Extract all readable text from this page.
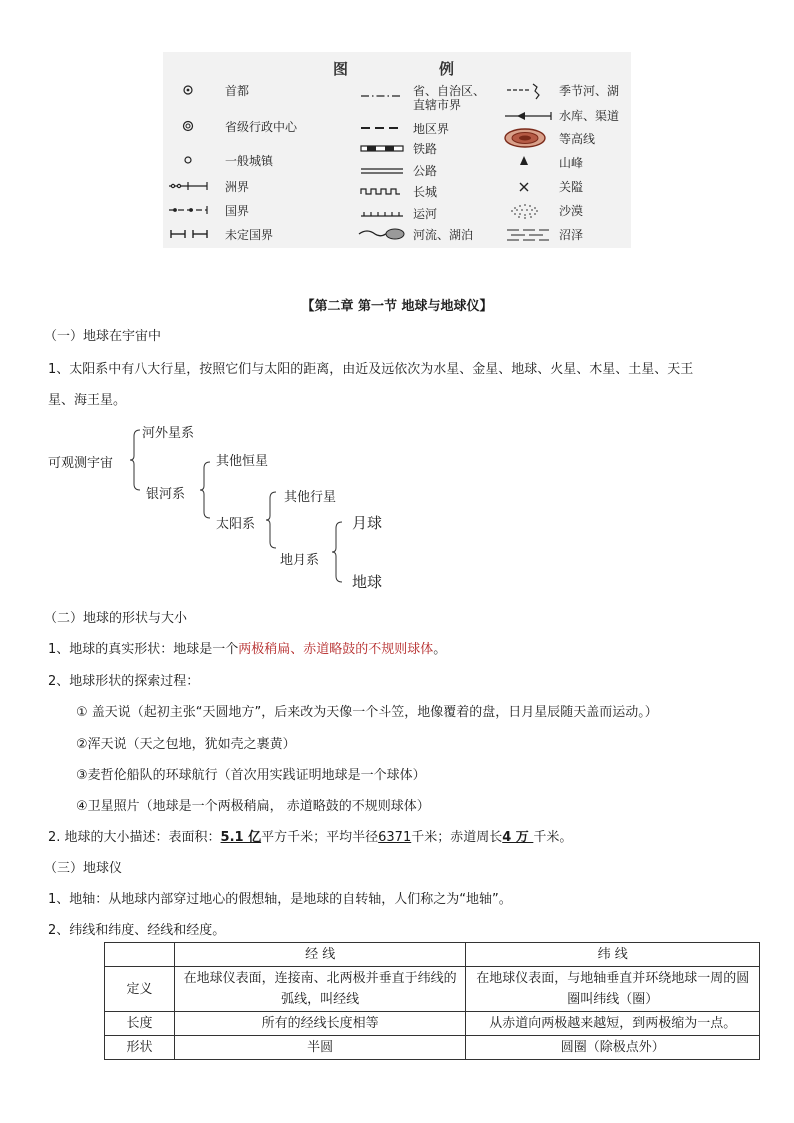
图	例
首都
省级行政中心
一般城镇
洲界
国界
未定国界
省、自治区、直辖市界
地区界
铁路
公路
长城
运河
河流、湖泊
季节河、湖
水库、渠道
等高线
山峰
关隘
沙漠
沼泽
【第二章 第一节 地球与地球仪】
（一）地球在宇宙中
1、太阳系中有八大行星，按照它们与太阳的距离，由近及远依次为水星、金星、地球、火星、木星、土星、天王
星、海王星。
可观测宇宙
河外星系
银河系
其他恒星
太阳系
其他行星
地月系
月球
地球
（二）地球的形状与大小
1、地球的真实形状：地球是一个两极稍扁、赤道略鼓的不规则球体。
2、地球形状的探索过程：
① 盖天说（起初主张“天圆地方”，后来改为天像一个斗笠，地像覆着的盘，日月星辰随天盖而运动。）
②浑天说（天之包地，犹如壳之裹黄）
③麦哲伦船队的环球航行（首次用实践证明地球是一个球体）
④卫星照片（地球是一个两极稍扁， 赤道略鼓的不规则球体）
2. 地球的大小描述：表面积：5.1 亿平方千米；平均半径6371千米；赤道周长4 万 千米。
（三）地球仪
1、地轴：从地球内部穿过地心的假想轴，是地球的自转轴，人们称之为“地轴”。
2、纬线和纬度、经线和经度。
	经 线	纬 线
定义	在地球仪表面，连接南、北两极并垂直于纬线的弧线，叫经线	在地球仪表面，与地轴垂直并环绕地球一周的圆圈叫纬线（圈）
长度	所有的经线长度相等	从赤道向两极越来越短，到两极缩为一点。
形状	半圆	圆圈（除极点外）
